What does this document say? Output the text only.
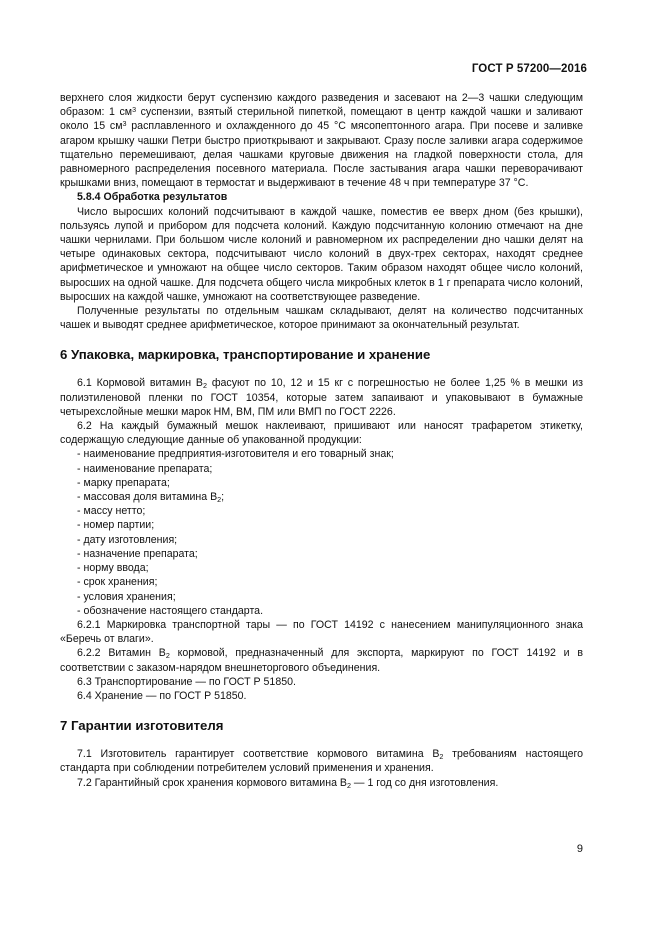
ГОСТ Р 57200—2016

верхнего слоя жидкости берут суспензию каждого разведения и засевают на 2—3 чашки следующим образом: 1 $см^3$ суспензии, взятый стерильной пипеткой, помещают в центр каждой чашки и заливают около 15 $см^3$ расплавленного и охлажденного до 45 °С мясопептонного агара. При посеве и заливке агаром крышку чашки Петри быстро приоткрывают и закрывают. Сразу после заливки агара содержимое тщательно перемешивают, делая чашками круговые движения на гладкой поверхности стола, для равномерного распределения посевного материала. После застывания агара чашки переворачивают крышками вниз, помещают в термостат и выдерживают в течение 48 ч при температуре 37 °С.

5.8.4 Обработка результатов

Число выросших колоний подсчитывают в каждой чашке, поместив ее вверх дном (без крышки), пользуясь лупой и прибором для подсчета колоний. Каждую подсчитанную колонию отмечают на дне чашки чернилами. При большом числе колоний и равномерном их распределении дно чашки делят на четыре одинаковых сектора, подсчитывают число колоний в двух-трех секторах, находят среднее арифметическое и умножают на общее число секторов. Таким образом находят общее число колоний, выросших на одной чашке. Для подсчета общего числа микробных клеток в 1 г препарата число колоний, выросших на каждой чашке, умножают на соответствующее разведение.

Полученные результаты по отдельным чашкам складывают, делят на количество подсчитанных чашек и выводят среднее арифметическое, которое принимают за окончательный результат.

6 Упаковка, маркировка, транспортирование и хранение

6.1 Кормовой витамин $В_2$ фасуют по 10, 12 и 15 кг с погрешностью не более 1,25 % в мешки из полиэтиленовой пленки по ГОСТ 10354, которые затем запаивают и упаковывают в бумажные четырехслойные мешки марок НМ, ВМ, ПМ или ВМП по ГОСТ 2226.

6.2 На каждый бумажный мешок наклеивают, пришивают или наносят трафаретом этикетку, содержащую следующие данные об упакованной продукции:

- наименование предприятия-изготовителя и его товарный знак;
- наименование препарата;
- марку препарата;
- массовая доля витамина $В_2$;
- массу нетто;
- номер партии;
- дату изготовления;
- назначение препарата;
- норму ввода;
- срок хранения;
- условия хранения;
- обозначение настоящего стандарта.

6.2.1 Маркировка транспортной тары — по ГОСТ 14192 с нанесением манипуляционного знака «Беречь от влаги».

6.2.2 Витамин $В_2$ кормовой, предназначенный для экспорта, маркируют по ГОСТ 14192 и в соответствии с заказом-нарядом внешнеторгового объединения.

6.3 Транспортирование — по ГОСТ Р 51850.

6.4 Хранение — по ГОСТ Р 51850.

7 Гарантии изготовителя

7.1 Изготовитель гарантирует соответствие кормового витамина $В_2$ требованиям настоящего стандарта при соблюдении потребителем условий применения и хранения.

7.2 Гарантийный срок хранения кормового витамина $В_2$ — 1 год со дня изготовления.

9
